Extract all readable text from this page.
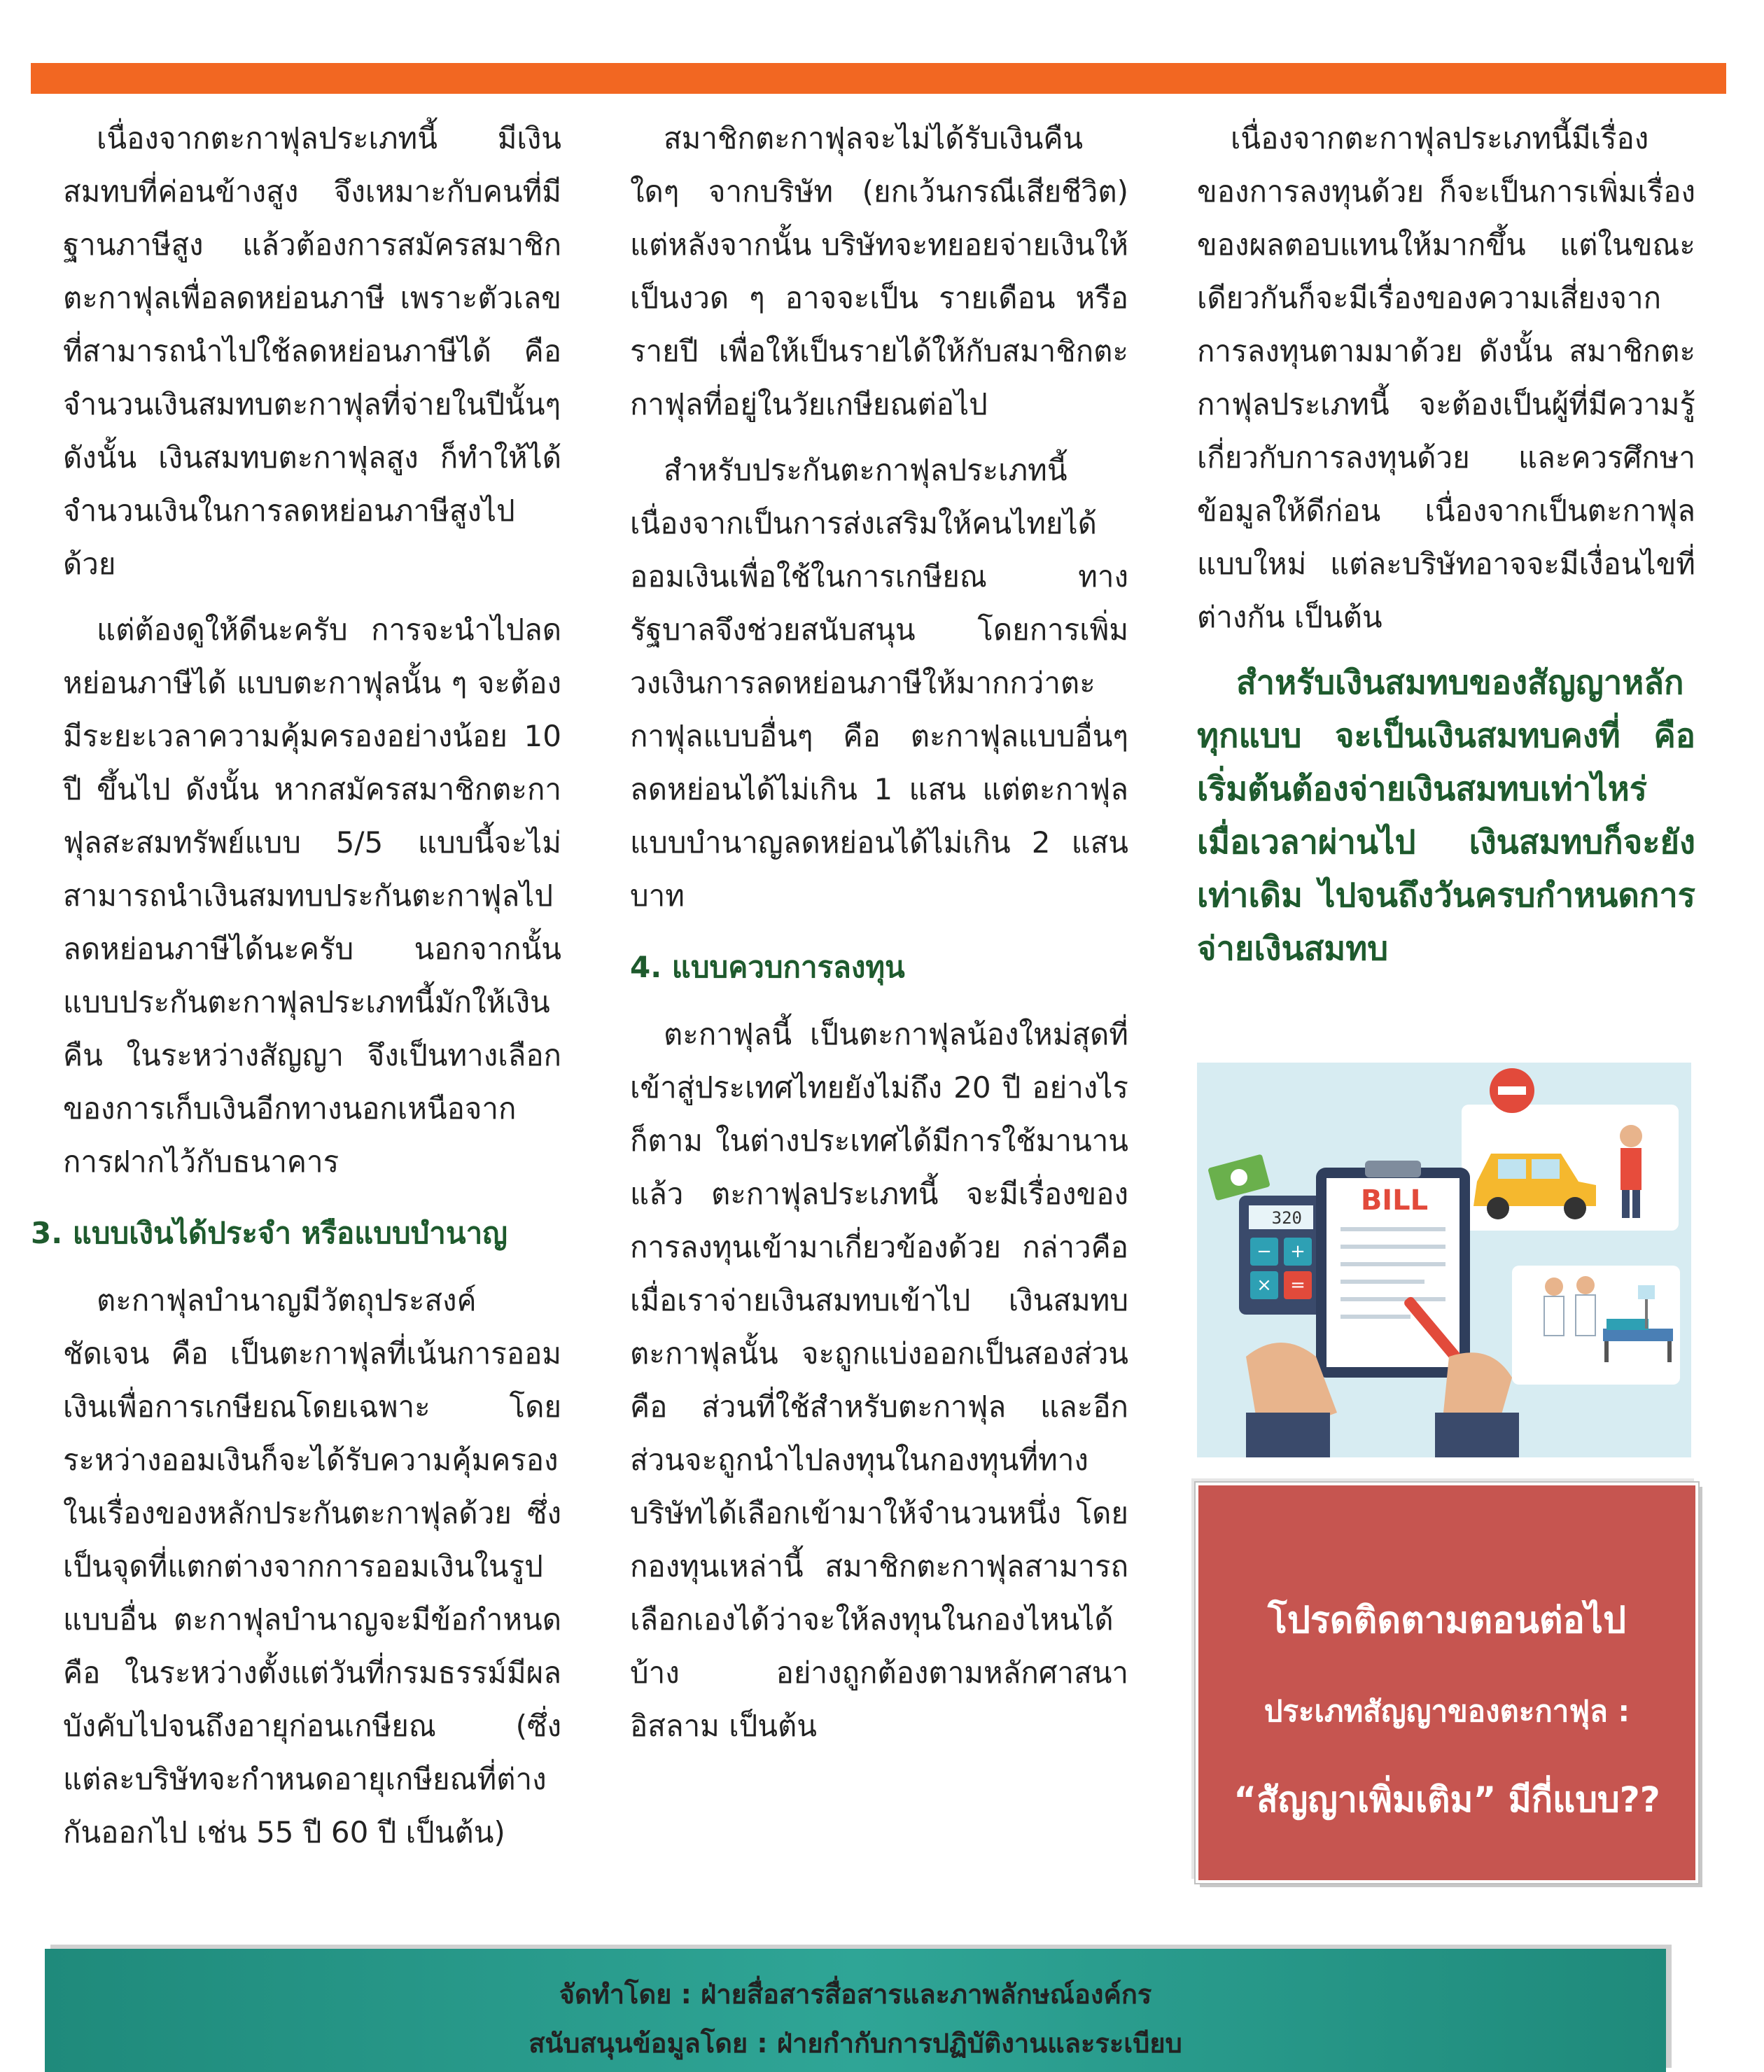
เนื่องจากตะกาฟุลประเภทนี้ มีเงินสมทบที่ค่อนข้างสูง จึงเหมาะกับคนที่มีฐานภาษีสูง แล้วต้องการสมัครสมาชิกตะกาฟุลเพื่อลดหย่อนภาษี เพราะตัวเลขที่สามารถนำไปใช้ลดหย่อนภาษีได้ คือ จำนวนเงินสมทบตะกาฟุลที่จ่ายในปีนั้นๆ ดังนั้น เงินสมทบตะกาฟุลสูง ก็ทำให้ได้จำนวนเงินในการลดหย่อนภาษีสูงไปด้วย

แต่ต้องดูให้ดีนะครับ การจะนำไปลดหย่อนภาษีได้ แบบตะกาฟุลนั้น ๆ จะต้องมีระยะเวลาความคุ้มครองอย่างน้อย 10 ปี ขึ้นไป ดังนั้น หากสมัครสมาชิกตะกาฟุลสะสมทรัพย์แบบ 5/5 แบบนี้จะไม่สามารถนำเงินสมทบประกันตะกาฟุลไปลดหย่อนภาษีได้นะครับ นอกจากนั้นแบบประกันตะกาฟุลประเภทนี้มักให้เงินคืน ในระหว่างสัญญา จึงเป็นทางเลือกของการเก็บเงินอีกทางนอกเหนือจากการฝากไว้กับธนาคาร

3. แบบเงินได้ประจำ หรือแบบบำนาญ

ตะกาฟุลบำนาญมีวัตถุประสงค์ชัดเจน คือ เป็นตะกาฟุลที่เน้นการออมเงินเพื่อการเกษียณโดยเฉพาะ โดยระหว่างออมเงินก็จะได้รับความคุ้มครองในเรื่องของหลักประกันตะกาฟุลด้วย ซึ่งเป็นจุดที่แตกต่างจากการออมเงินในรูปแบบอื่น ตะกาฟุลบำนาญจะมีข้อกำหนด คือ ในระหว่างตั้งแต่วันที่กรมธรรม์มีผลบังคับไปจนถึงอายุก่อนเกษียณ (ซึ่งแต่ละบริษัทจะกำหนดอายุเกษียณที่ต่างกันออกไป เช่น 55 ปี 60 ปี เป็นต้น)

สมาชิกตะกาฟุลจะไม่ได้รับเงินคืนใดๆ จากบริษัท (ยกเว้นกรณีเสียชีวิต) แต่หลังจากนั้น บริษัทจะทยอยจ่ายเงินให้เป็นงวด ๆ อาจจะเป็น รายเดือน หรือ รายปี เพื่อให้เป็นรายได้ให้กับสมาชิกตะกาฟุลที่อยู่ในวัยเกษียณต่อไป

สำหรับประกันตะกาฟุลประเภทนี้ เนื่องจากเป็นการส่งเสริมให้คนไทยได้ออมเงินเพื่อใช้ในการเกษียณ ทางรัฐบาลจึงช่วยสนับสนุน โดยการเพิ่มวงเงินการลดหย่อนภาษีให้มากกว่าตะกาฟุลแบบอื่นๆ คือ ตะกาฟุลแบบอื่นๆ ลดหย่อนได้ไม่เกิน 1 แสน แต่ตะกาฟุลแบบบำนาญลดหย่อนได้ไม่เกิน 2 แสนบาท

4. แบบควบการลงทุน

ตะกาฟุลนี้ เป็นตะกาฟุลน้องใหม่สุดที่เข้าสู่ประเทศไทยยังไม่ถึง 20 ปี อย่างไรก็ตาม ในต่างประเทศได้มีการใช้มานานแล้ว ตะกาฟุลประเภทนี้ จะมีเรื่องของการลงทุนเข้ามาเกี่ยวข้องด้วย กล่าวคือ เมื่อเราจ่ายเงินสมทบเข้าไป เงินสมทบตะกาฟุลนั้น จะถูกแบ่งออกเป็นสองส่วน คือ ส่วนที่ใช้สำหรับตะกาฟุล และอีกส่วนจะถูกนำไปลงทุนในกองทุนที่ทางบริษัทได้เลือกเข้ามาให้จำนวนหนึ่ง โดยกองทุนเหล่านี้ สมาชิกตะกาฟุลสามารถเลือกเองได้ว่าจะให้ลงทุนในกองไหนได้บ้าง อย่างถูกต้องตามหลักศาสนาอิสลาม เป็นต้น

เนื่องจากตะกาฟุลประเภทนี้มีเรื่องของการลงทุนด้วย ก็จะเป็นการเพิ่มเรื่องของผลตอบแทนให้มากขึ้น แต่ในขณะเดียวกันก็จะมีเรื่องของความเสี่ยงจากการลงทุนตามมาด้วย ดังนั้น สมาชิกตะกาฟุลประเภทนี้ จะต้องเป็นผู้ที่มีความรู้เกี่ยวกับการลงทุนด้วย และควรศึกษาข้อมูลให้ดีก่อน เนื่องจากเป็นตะกาฟุลแบบใหม่ แต่ละบริษัทอาจจะมีเงื่อนไขที่ต่างกัน เป็นต้น

สำหรับเงินสมทบของสัญญาหลักทุกแบบ จะเป็นเงินสมทบคงที่ คือ เริ่มต้นต้องจ่ายเงินสมทบเท่าไหร่ เมื่อเวลาผ่านไป เงินสมทบก็จะยังเท่าเดิม ไปจนถึงวันครบกำหนดการจ่ายเงินสมทบ
320
− +
× =
BILL
โปรดติดตามตอนต่อไป
ประเภทสัญญาของตะกาฟุล :
“สัญญาเพิ่มเติม” มีกี่แบบ??
จัดทำโดย : ฝ่ายสื่อสารสื่อสารและภาพลักษณ์องค์กร
สนับสนุนข้อมูลโดย : ฝ่ายกำกับการปฏิบัติงานและระเบียบ
